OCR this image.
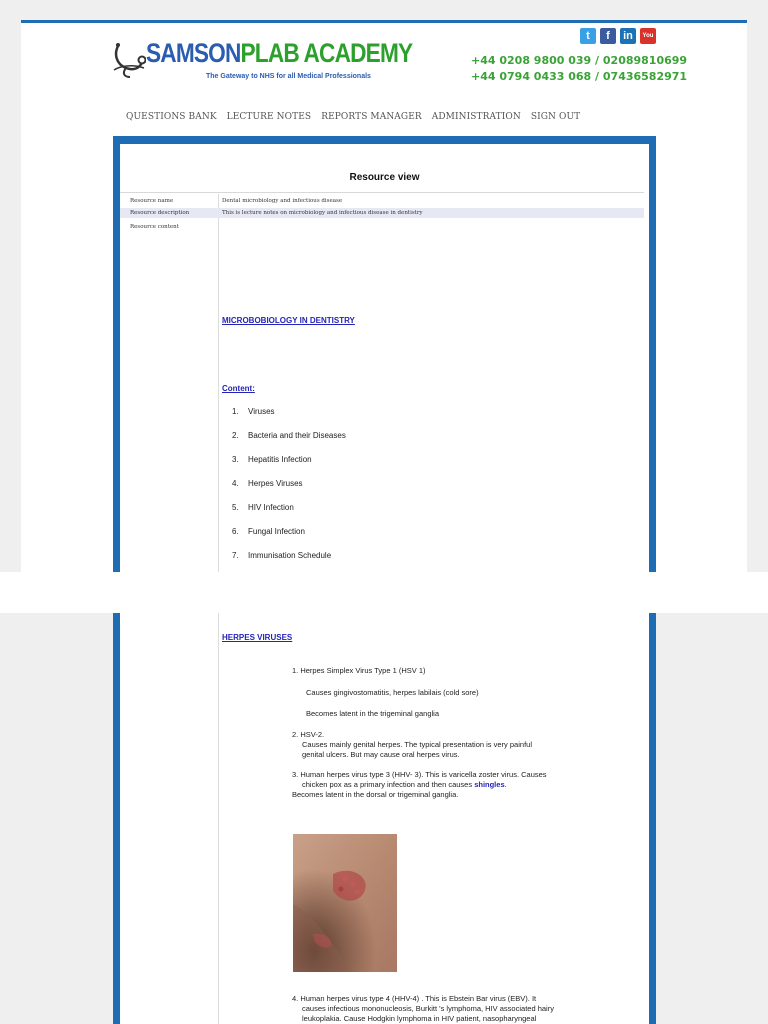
SAMSONPLAB ACADEMY
The Gateway to NHS for all Medical Professionals
t	f	in	You

+44 0208 9800 039 / 02089810699
+44 0794 0433 068 / 07436582971
QUESTIONS BANK LECTURE NOTES REPORTS MANAGER ADMINISTRATION SIGN OUT
Resource view
Resource name	Dental microbiology and infectious disease
Resource description	This is lecture notes on microbiology and infectious disease in dentistry
Resource content
MICROBOBIOLOGY IN DENTISTRY
Content:
1. Viruses
2. Bacteria and their Diseases
3. Hepatitis Infection
4. Herpes Viruses
5. HIV Infection
6. Fungal Infection
7. Immunisation Schedule
HERPES VIRUSES
1. Herpes Simplex Virus Type 1 (HSV 1)
Causes gingivostomatitis, herpes labilais (cold sore)
Becomes latent in the trigeminal ganglia
2. HSV-2.
Causes mainly genital herpes. The typical presentation is very painful
genital ulcers. But may cause oral herpes virus.
3. Human herpes virus type 3 (HHV- 3). This is varicella zoster virus. Causes
chicken pox as a primary infection and then causes shingles.
Becomes latent in the dorsal or trigeminal ganglia.
4. Human herpes virus type 4 (HHV-4) . This is Ebstein Bar virus (EBV). It
causes infectious mononucleosis, Burkitt 's lymphoma, HIV associated hairy
leukoplakia. Cause Hodgkin lymphoma in HIV patient, nasopharyngeal
